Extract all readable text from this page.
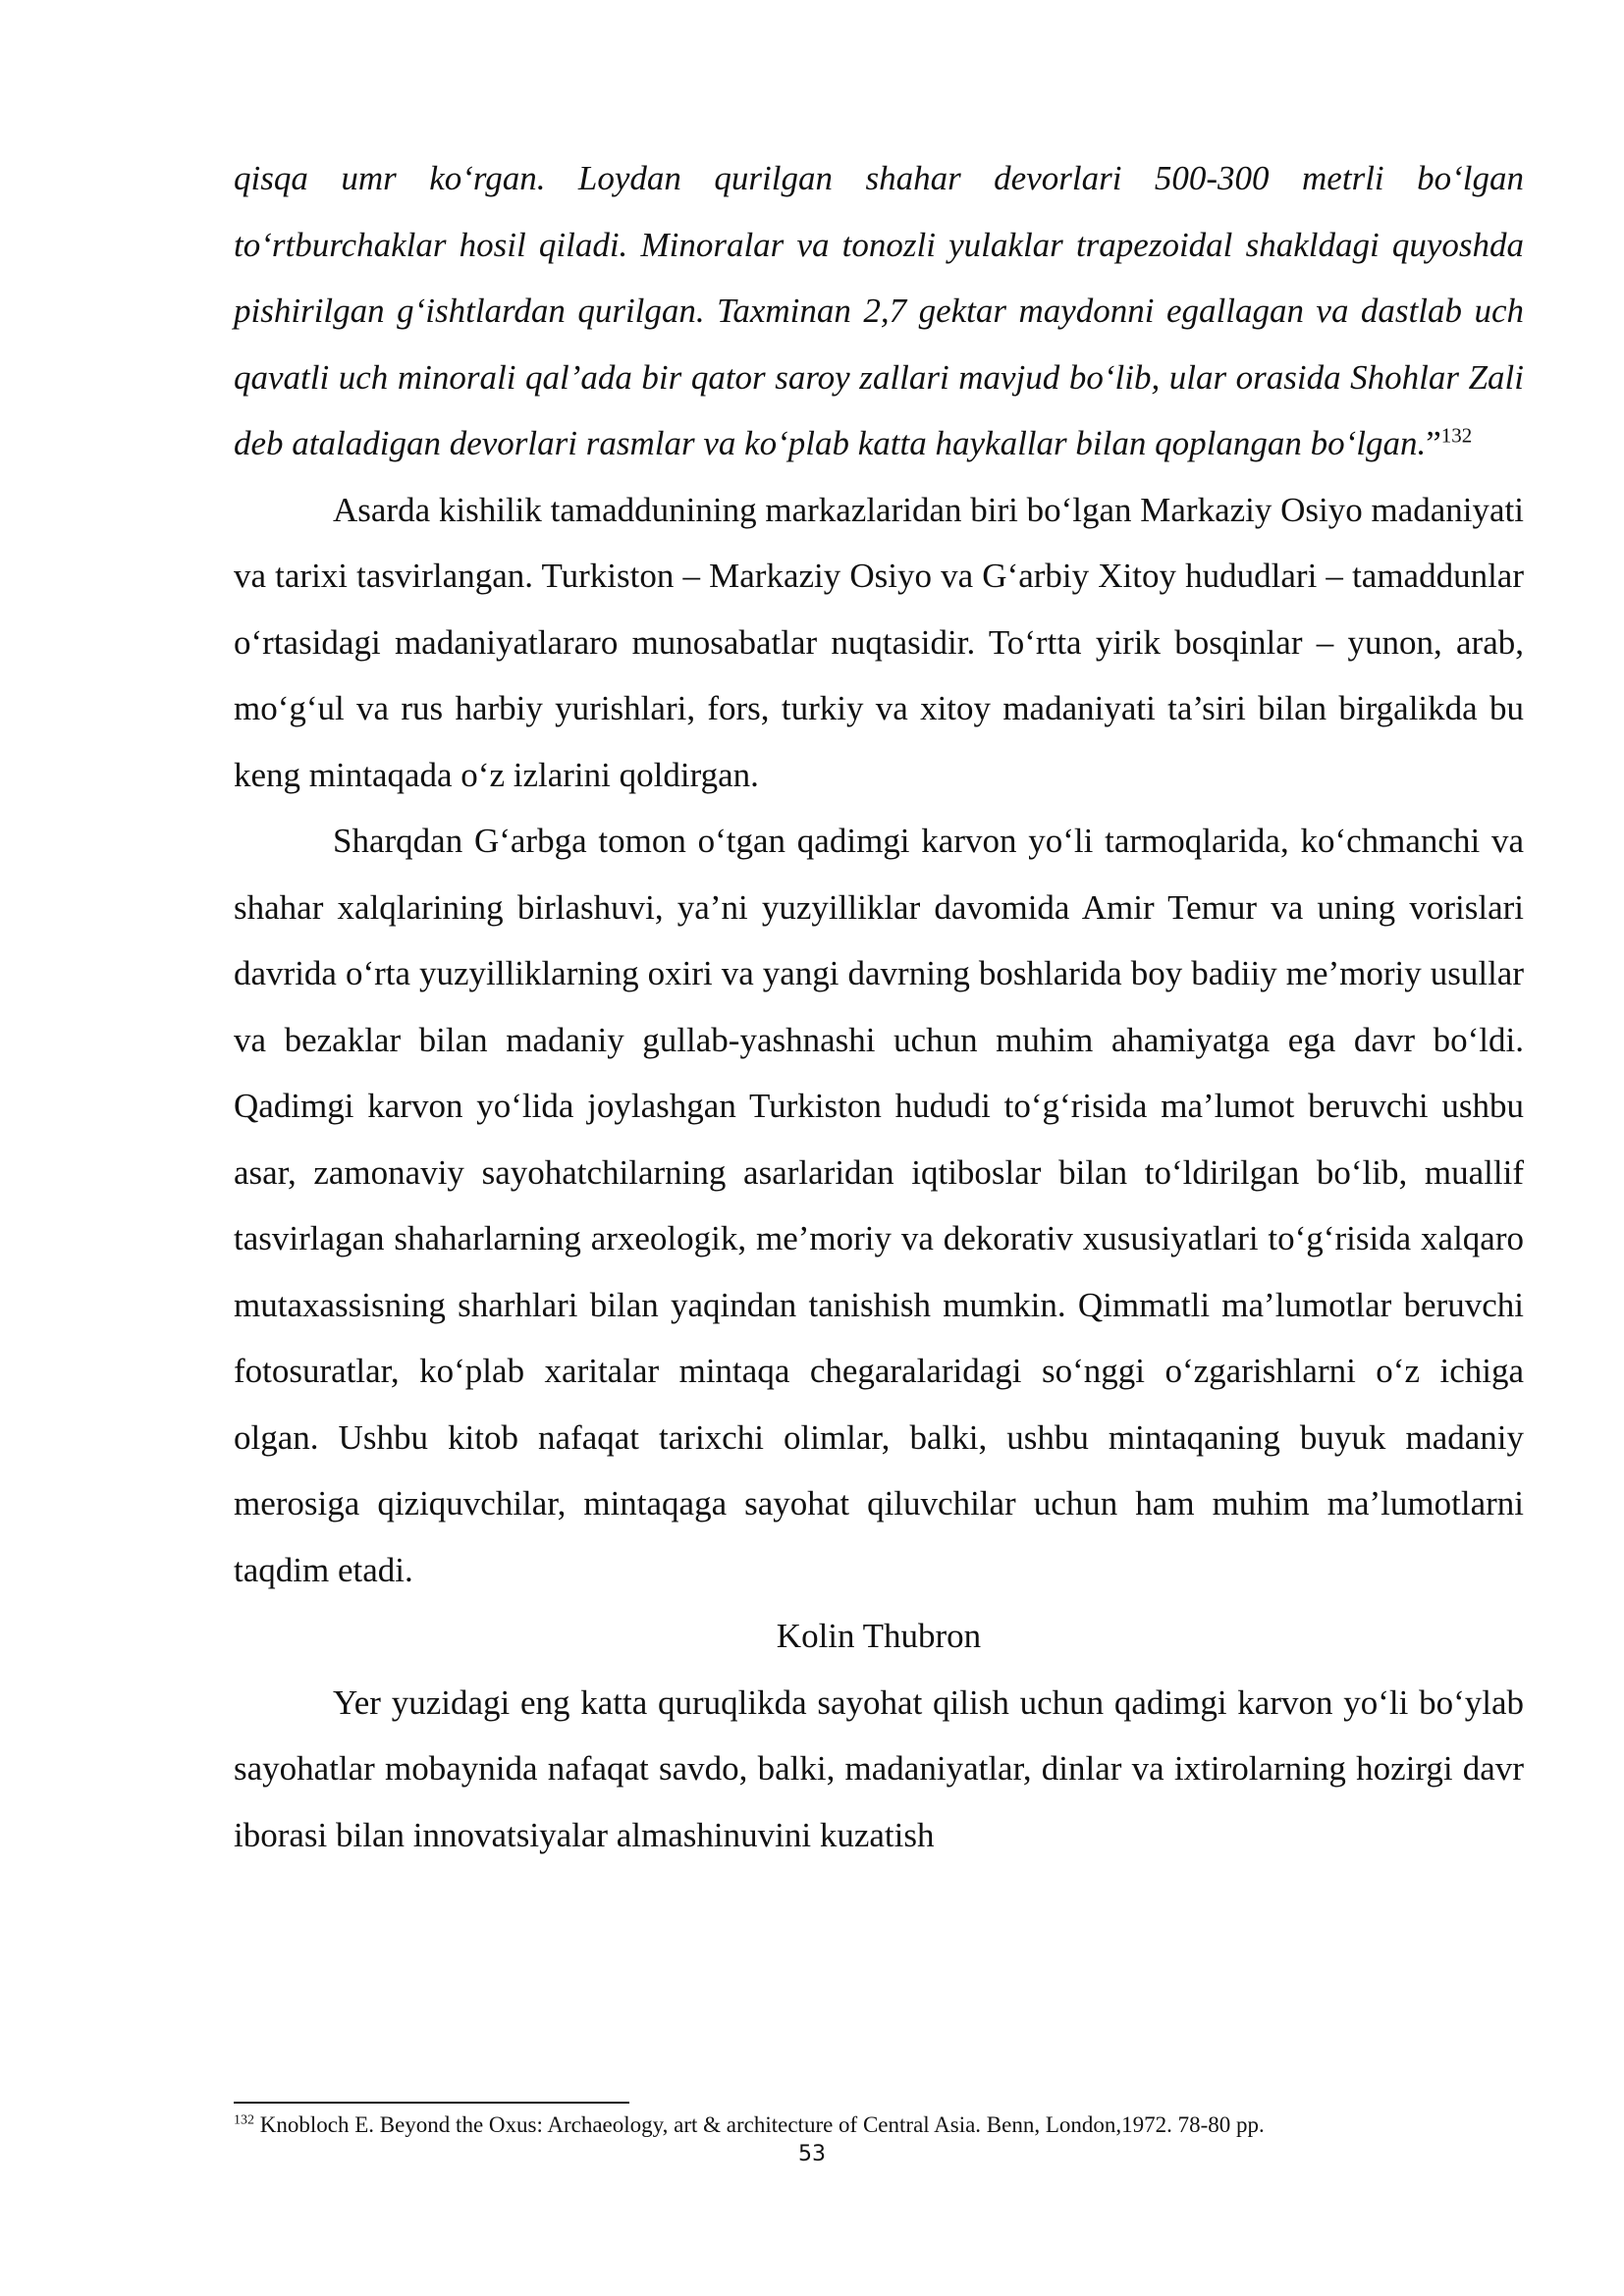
qisqa umr ko‘rgan. Loydan qurilgan shahar devorlari 500-300 metrli bo‘lgan to‘rtburchaklar hosil qiladi. Minoralar va tonozli yulaklar trapezoidal shakldagi quyoshda pishirilgan g‘ishtlardan qurilgan. Taxminan 2,7 gektar maydonni egallagan va dastlab uch qavatli uch minorali qal’ada bir qator saroy zallari mavjud bo‘lib, ular orasida Shohlar Zali deb ataladigan devorlari rasmlar va ko‘plab katta haykallar bilan qoplangan bo‘lgan.”$^{132}$

Asarda kishilik tamaddunining markazlaridan biri bo‘lgan Markaziy Osiyo madaniyati va tarixi tasvirlangan. Turkiston – Markaziy Osiyo va G‘arbiy Xitoy hududlari – tamaddunlar o‘rtasidagi madaniyatlararo munosabatlar nuqtasidir. To‘rtta yirik bosqinlar – yunon, arab, mo‘g‘ul va rus harbiy yurishlari, fors, turkiy va xitoy madaniyati ta’siri bilan birgalikda bu keng mintaqada o‘z izlarini qoldirgan.

Sharqdan G‘arbga tomon o‘tgan qadimgi karvon yo‘li tarmoqlarida, ko‘chmanchi va shahar xalqlarining birlashuvi, ya’ni yuzyilliklar davomida Amir Temur va uning vorislari davrida o‘rta yuzyilliklarning oxiri va yangi davrning boshlarida boy badiiy me’moriy usullar va bezaklar bilan madaniy gullab-yashnashi uchun muhim ahamiyatga ega davr bo‘ldi. Qadimgi karvon yo‘lida joylashgan Turkiston hududi to‘g‘risida ma’lumot beruvchi ushbu asar, zamonaviy sayohatchilarning asarlaridan iqtiboslar bilan to‘ldirilgan bo‘lib, muallif tasvirlagan shaharlarning arxeologik, me’moriy va dekorativ xususiyatlari to‘g‘risida xalqaro mutaxassisning sharhlari bilan yaqindan tanishish mumkin. Qimmatli ma’lumotlar beruvchi fotosuratlar, ko‘plab xaritalar mintaqa chegaralaridagi so‘nggi o‘zgarishlarni o‘z ichiga olgan. Ushbu kitob nafaqat tarixchi olimlar, balki, ushbu mintaqaning buyuk madaniy merosiga qiziquvchilar, mintaqaga sayohat qiluvchilar uchun ham muhim ma’lumotlarni taqdim etadi.

Kolin Thubron

Yer yuzidagi eng katta quruqlikda sayohat qilish uchun qadimgi karvon yo‘li bo‘ylab sayohatlar mobaynida nafaqat savdo, balki, madaniyatlar, dinlar va ixtirolarning hozirgi davr iborasi bilan innovatsiyalar almashinuvini kuzatish

$^{132}$ Knobloch E. Beyond the Oxus: Archaeology, art & architecture of Central Asia. Benn, London,1972. 78-80 pp.
53
